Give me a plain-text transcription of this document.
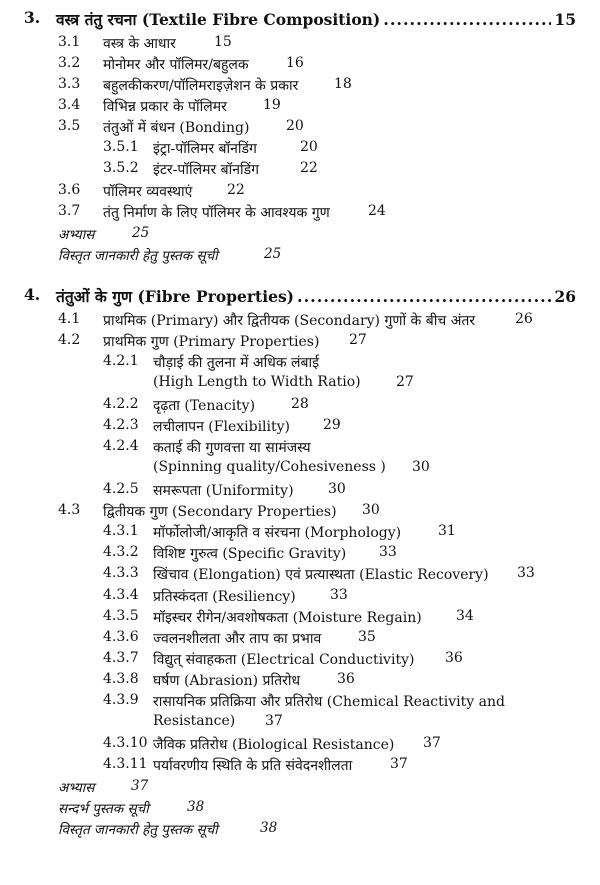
3. वस्त्र तंतु रचना (Textile Fibre Composition) .....	15
3.1 वस्त्र के आधार	15
3.2 मोनोमर और पॉलिमर/बहुलक	16
3.3 बहुलकीकरण/पॉलिमराइज़ेशन के प्रकार	18
3.4 विभिन्न प्रकार के पॉलिमर	19
3.5 तंतुओं में बंधन (Bonding)	20
3.5.1 इंट्रा-पॉलिमर बॉनडिंग	20
3.5.2 इंटर-पॉलिमर बॉनडिंग	22
3.6 पॉलिमर व्यवस्थाएं 22
3.7 तंतु निर्माण के लिए पॉलिमर के आवश्यक गुण	24
अभ्यास	25
विस्तृत जानकारी हेतु पुस्तक सूची	25
4. तंतुओं के गुण (Fibre Properties) .....	26
4.1 प्राथमिक (Primary) और द्वितीयक (Secondary) गुणों के बीच अंतर	26
4.2 प्राथमिक गुण (Primary Properties) 27
4.2.1 चौड़ाई की तुलना में अधिक लंबाई
(High Length to Width Ratio)	27
4.2.2 दृढ़ता (Tenacity)	28
4.2.3 लचीलापन (Flexibility) 29
4.2.4 कताई की गुणवत्ता या सामंजस्य
(Spinning quality/Cohesiveness ) 30
4.2.5 समरूपता (Uniformity) 30
4.3 द्वितीयक गुण (Secondary Properties) 30
4.3.1 मॉर्फोलोजी/आकृति व संरचना (Morphology)	31
4.3.2 विशिष्ट गुरुत्व (Specific Gravity) 33
4.3.3 खिंचाव (Elongation) एवं प्रत्यास्थता (Elastic Recovery) 33
4.3.4 प्रतिस्कंदता (Resiliency) 33
4.3.5 मॉइस्चर रीगेन/अवशोषकता (Moisture Regain) 34
4.3.6 ज्वलनशीलता और ताप का प्रभाव	35
4.3.7 विद्युत् संवाहकता (Electrical Conductivity) 36
4.3.8 घर्षण (Abrasion) प्रतिरोध	36
4.3.9 रासायनिक प्रतिक्रिया और प्रतिरोध (Chemical Reactivity and
Resistance) 37
4.3.10 जैविक प्रतिरोध (Biological Resistance) 37
4.3.11 पर्यावरणीय स्थिति के प्रति संवेदनशीलता	37
अभ्यास	37
सन्दर्भ पुस्तक सूची	38
विस्तृत जानकारी हेतु पुस्तक सूची	38
